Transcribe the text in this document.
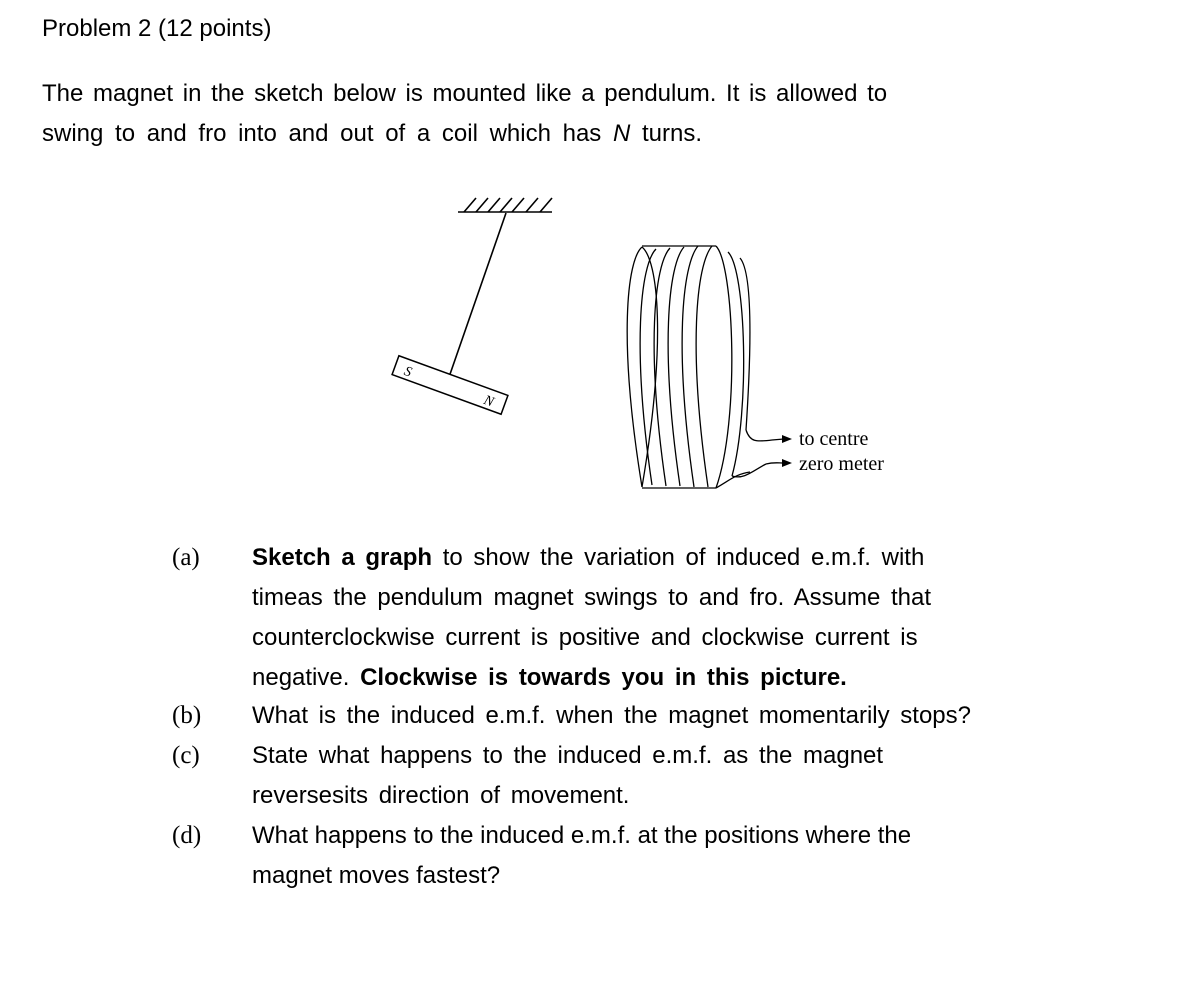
Problem 2 (12 points)
The magnet in the sketch below is mounted like a pendulum. It is allowed to
swing to and fro into and out of a coil which has N turns.
S
N
to centre
zero meter
(a) Sketch a graph to show the variation of induced e.m.f. with
timeas the pendulum magnet swings to and fro. Assume that
counterclockwise current is positive and clockwise current is
negative. Clockwise is towards you in this picture.
(b) What is the induced e.m.f. when the magnet momentarily stops?
(c) State what happens to the induced e.m.f. as the magnet
reversesits direction of movement.
(d) What happens to the induced e.m.f. at the positions where the
magnet moves fastest?
